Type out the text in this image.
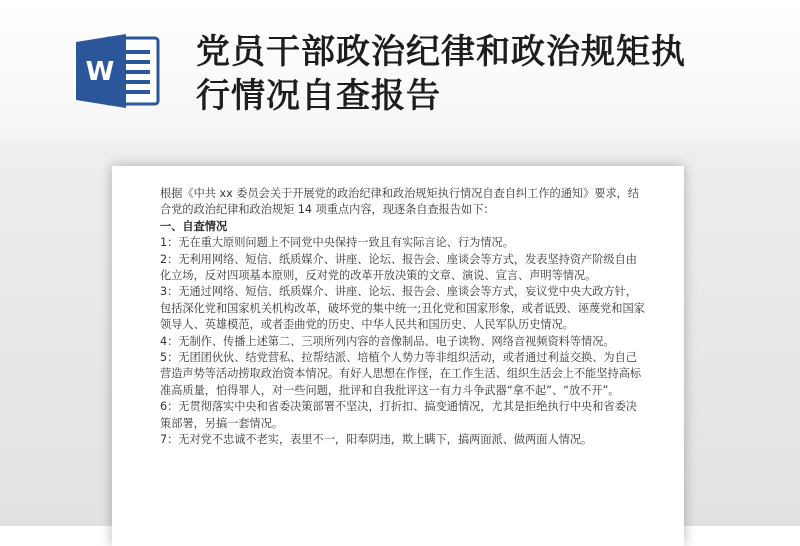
W 党员干部政治纪律和政治规矩执
行情况自查报告

根据《中共 xx 委员会关于开展党的政治纪律和政治规矩执行情况自查自纠工作的通知》要求，结合党的政治纪律和政治规矩 14 项重点内容，现逐条自查报告如下：

一、自查情况

1：无在重大原则问题上不同党中央保持一致且有实际言论、行为情况。

2：无利用网络、短信、纸质媒介、讲座、论坛、报告会、座谈会等方式，发表坚持资产阶级自由化立场，反对四项基本原则，反对党的改革开放决策的文章、演说、宣言、声明等情况。

3：无通过网络、短信、纸质媒介、讲座、论坛、报告会、座谈会等方式，妄议党中央大政方针，包括深化党和国家机关机构改革，破坏党的集中统一;丑化党和国家形象，或者诋毁、诬蔑党和国家领导人、英雄模范，或者歪曲党的历史、中华人民共和国历史、人民军队历史情况。

4：无制作、传播上述第二、三项所列内容的音像制品、电子读物、网络音视频资料等情况。

5：无团团伙伙、结党营私、拉帮结派、培植个人势力等非组织活动，或者通过利益交换、为自己营造声势等活动捞取政治资本情况。有好人思想在作怪，在工作生活、组织生活会上不能坚持高标准高质量，怕得罪人，对一些问题，批评和自我批评这一有力斗争武器“拿不起”、“放不开”。

6：无贯彻落实中央和省委决策部署不坚决，打折扣、搞变通情况，尤其是拒绝执行中央和省委决策部署，另搞一套情况。

7：无对党不忠诚不老实，表里不一，阳奉阴违，欺上瞒下，搞两面派、做两面人情况。
